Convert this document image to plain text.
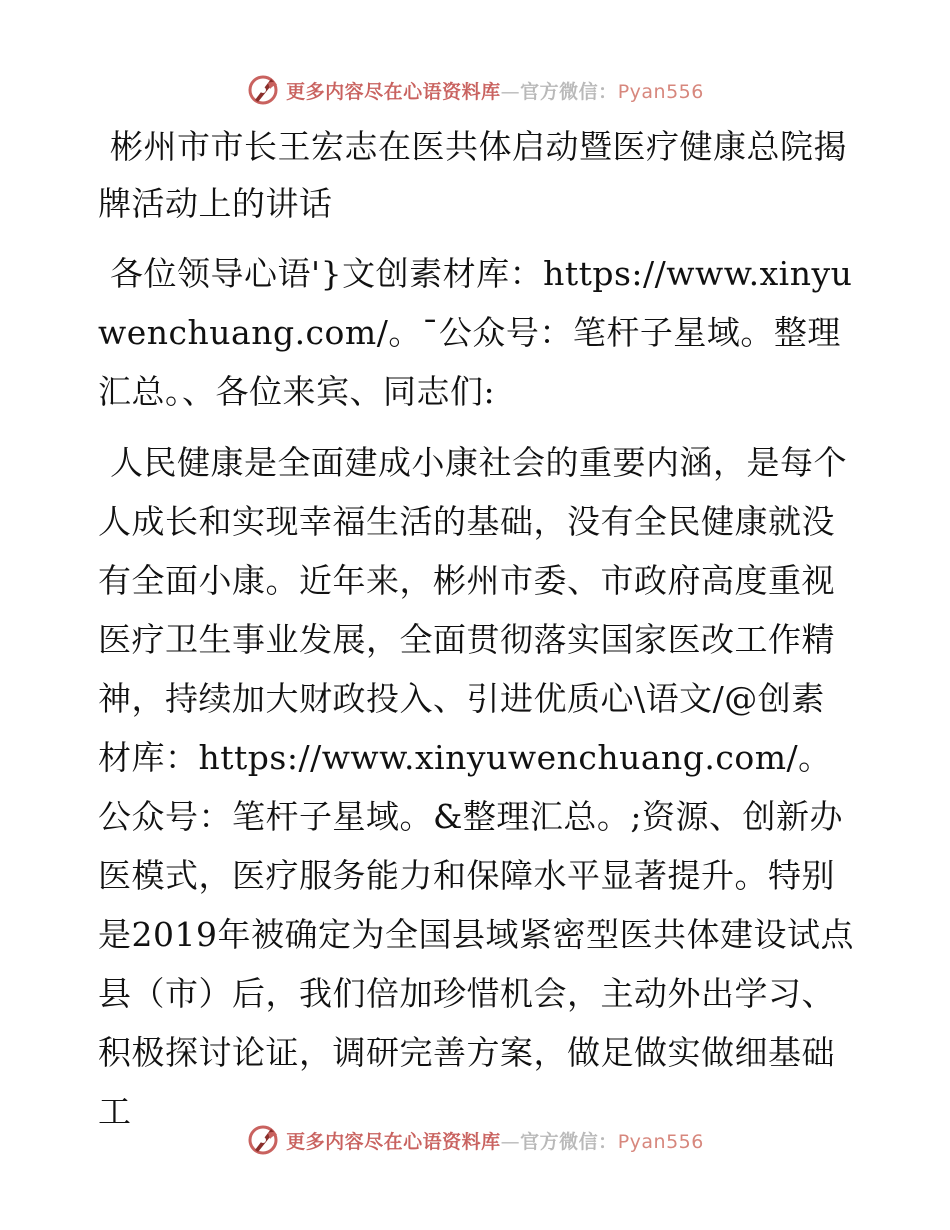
更多内容尽在心语资料库—官方微信：Pyan556
彬州市市长王宏志在医共体启动暨医疗健康总院揭牌活动上的讲话

各位领导心语'}文创素材库：https://www.xinyuwenchuang.com/。¯公众号：笔杆子星域。整理汇总。、各位来宾、同志们:

人民健康是全面建成小康社会的重要内涵，是每个人成长和实现幸福生活的基础，没有全民健康就没有全面小康。近年来，彬州市委、市政府高度重视医疗卫生事业发展，全面贯彻落实国家医改工作精神，持续加大财政投入、引进优质心\语文/@创素材库：https://www.xinyuwenchuang.com/。公众号：笔杆子星域。&整理汇总。;资源、创新办医模式，医疗服务能力和保障水平显著提升。特别是2019年被确定为全国县域紧密型医共体建设试点县（市）后，我们倍加珍惜机会，主动外出学习、积极探讨论证，调研完善方案，做足做实做细基础工

更多内容尽在心语资料库—官方微信：Pyan556
